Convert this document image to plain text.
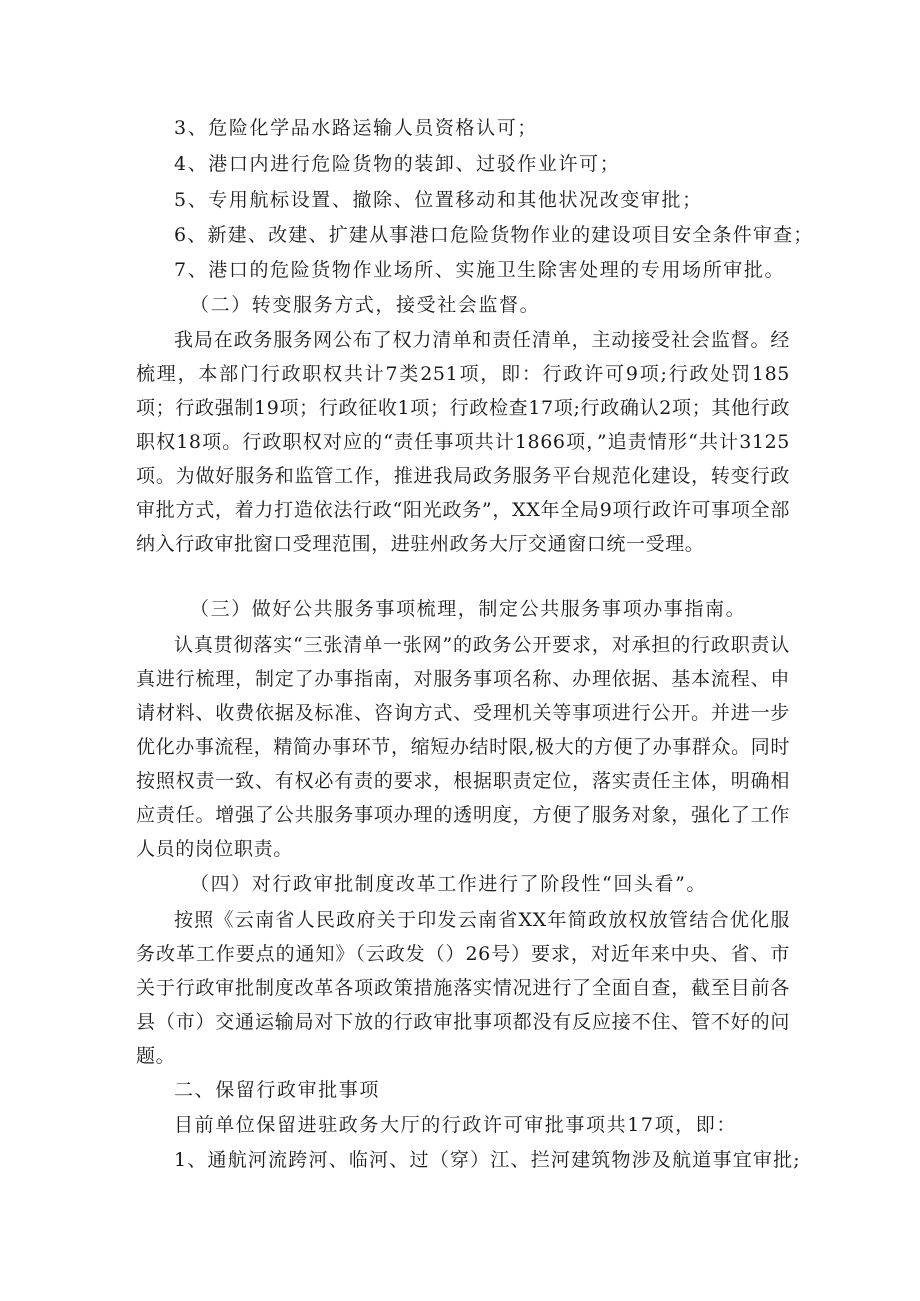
3、危险化学品水路运输人员资格认可；
4、港口内进行危险货物的装卸、过驳作业许可；
5、专用航标设置、撤除、位置移动和其他状况改变审批；
6、新建、改建、扩建从事港口危险货物作业的建设项目安全条件审查；
7、港口的危险货物作业场所、实施卫生除害处理的专用场所审批。
（二）转变服务方式，接受社会监督。
我局在政务服务网公布了权力清单和责任清单，主动接受社会监督。经梳理，本部门行政职权共计7类251项，即：行政许可9项;行政处罚185项；行政强制19项；行政征收1项；行政检查17项;行政确认2项；其他行政职权18项。行政职权对应的“责任事项共计1866项，”追责情形“共计3125项。为做好服务和监管工作，推进我局政务服务平台规范化建设，转变行政审批方式，着力打造依法行政“阳光政务”，XX年全局9项行政许可事项全部纳入行政审批窗口受理范围，进驻州政务大厅交通窗口统一受理。
（三）做好公共服务事项梳理，制定公共服务事项办事指南。
认真贯彻落实“三张清单一张网”的政务公开要求，对承担的行政职责认真进行梳理，制定了办事指南，对服务事项名称、办理依据、基本流程、申请材料、收费依据及标准、咨询方式、受理机关等事项进行公开。并进一步优化办事流程，精简办事环节，缩短办结时限,极大的方便了办事群众。同时按照权责一致、有权必有责的要求，根据职责定位，落实责任主体，明确相应责任。增强了公共服务事项办理的透明度，方便了服务对象，强化了工作人员的岗位职责。
（四）对行政审批制度改革工作进行了阶段性“回头看”。
按照《云南省人民政府关于印发云南省XX年简政放权放管结合优化服务改革工作要点的通知》（云政发（）26号）要求，对近年来中央、省、市关于行政审批制度改革各项政策措施落实情况进行了全面自查，截至目前各县（市）交通运输局对下放的行政审批事项都没有反应接不住、管不好的问题。
二、保留行政审批事项
目前单位保留进驻政务大厅的行政许可审批事项共17项，即：
1、通航河流跨河、临河、过（穿）江、拦河建筑物涉及航道事宜审批;
